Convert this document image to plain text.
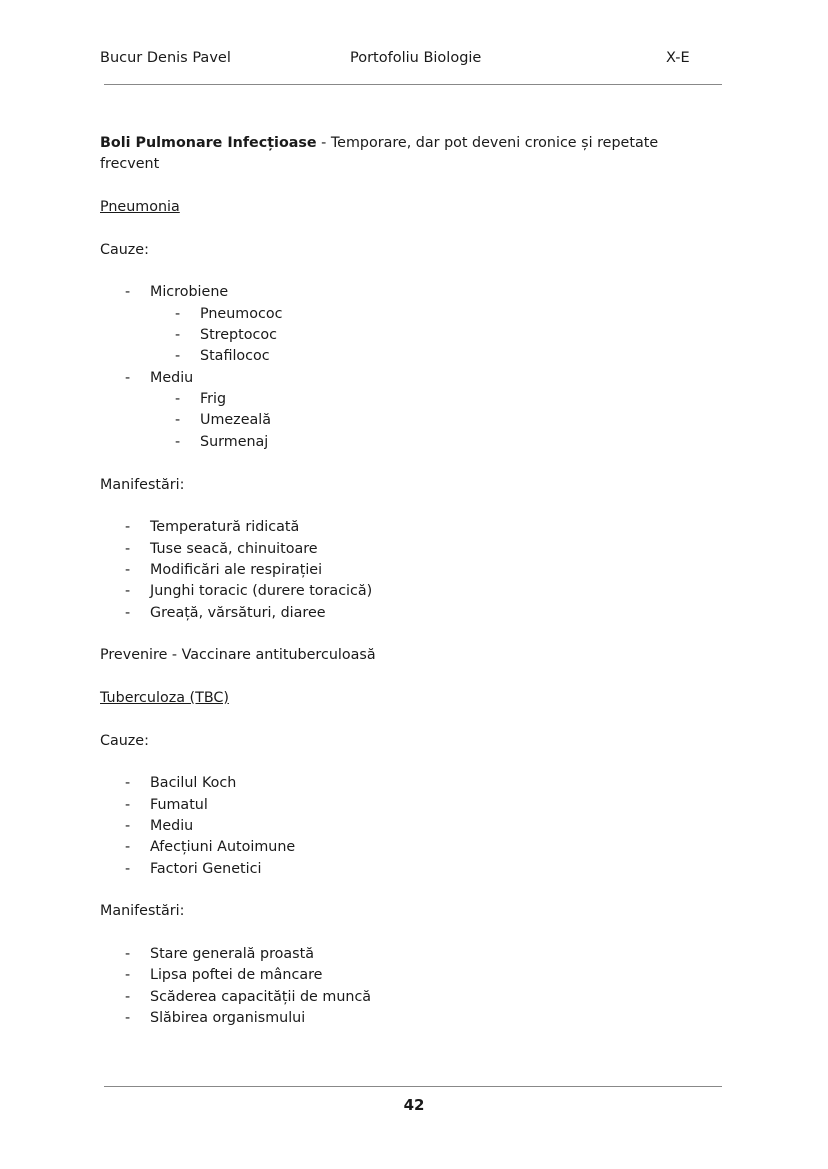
Bucur Denis Pavel	Portofoliu Biologie	X-E
Boli Pulmonare Infecțioase - Temporare, dar pot deveni cronice și repetate
frecvent
Pneumonia
Cauze:
- Microbiene
- Pneumococ
- Streptococ
- Stafilococ
- Mediu
- Frig
- Umezeală
- Surmenaj
Manifestări:
- Temperatură ridicată
- Tuse seacă, chinuitoare
- Modificări ale respirației
- Junghi toracic (durere toracică)
- Greață, vărsături, diaree
Prevenire - Vaccinare antituberculoasă
Tuberculoza (TBC)
Cauze:
- Bacilul Koch
- Fumatul
- Mediu
- Afecțiuni Autoimune
- Factori Genetici
Manifestări:
- Stare generală proastă
- Lipsa poftei de mâncare
- Scăderea capacității de muncă
- Slăbirea organismului
42
